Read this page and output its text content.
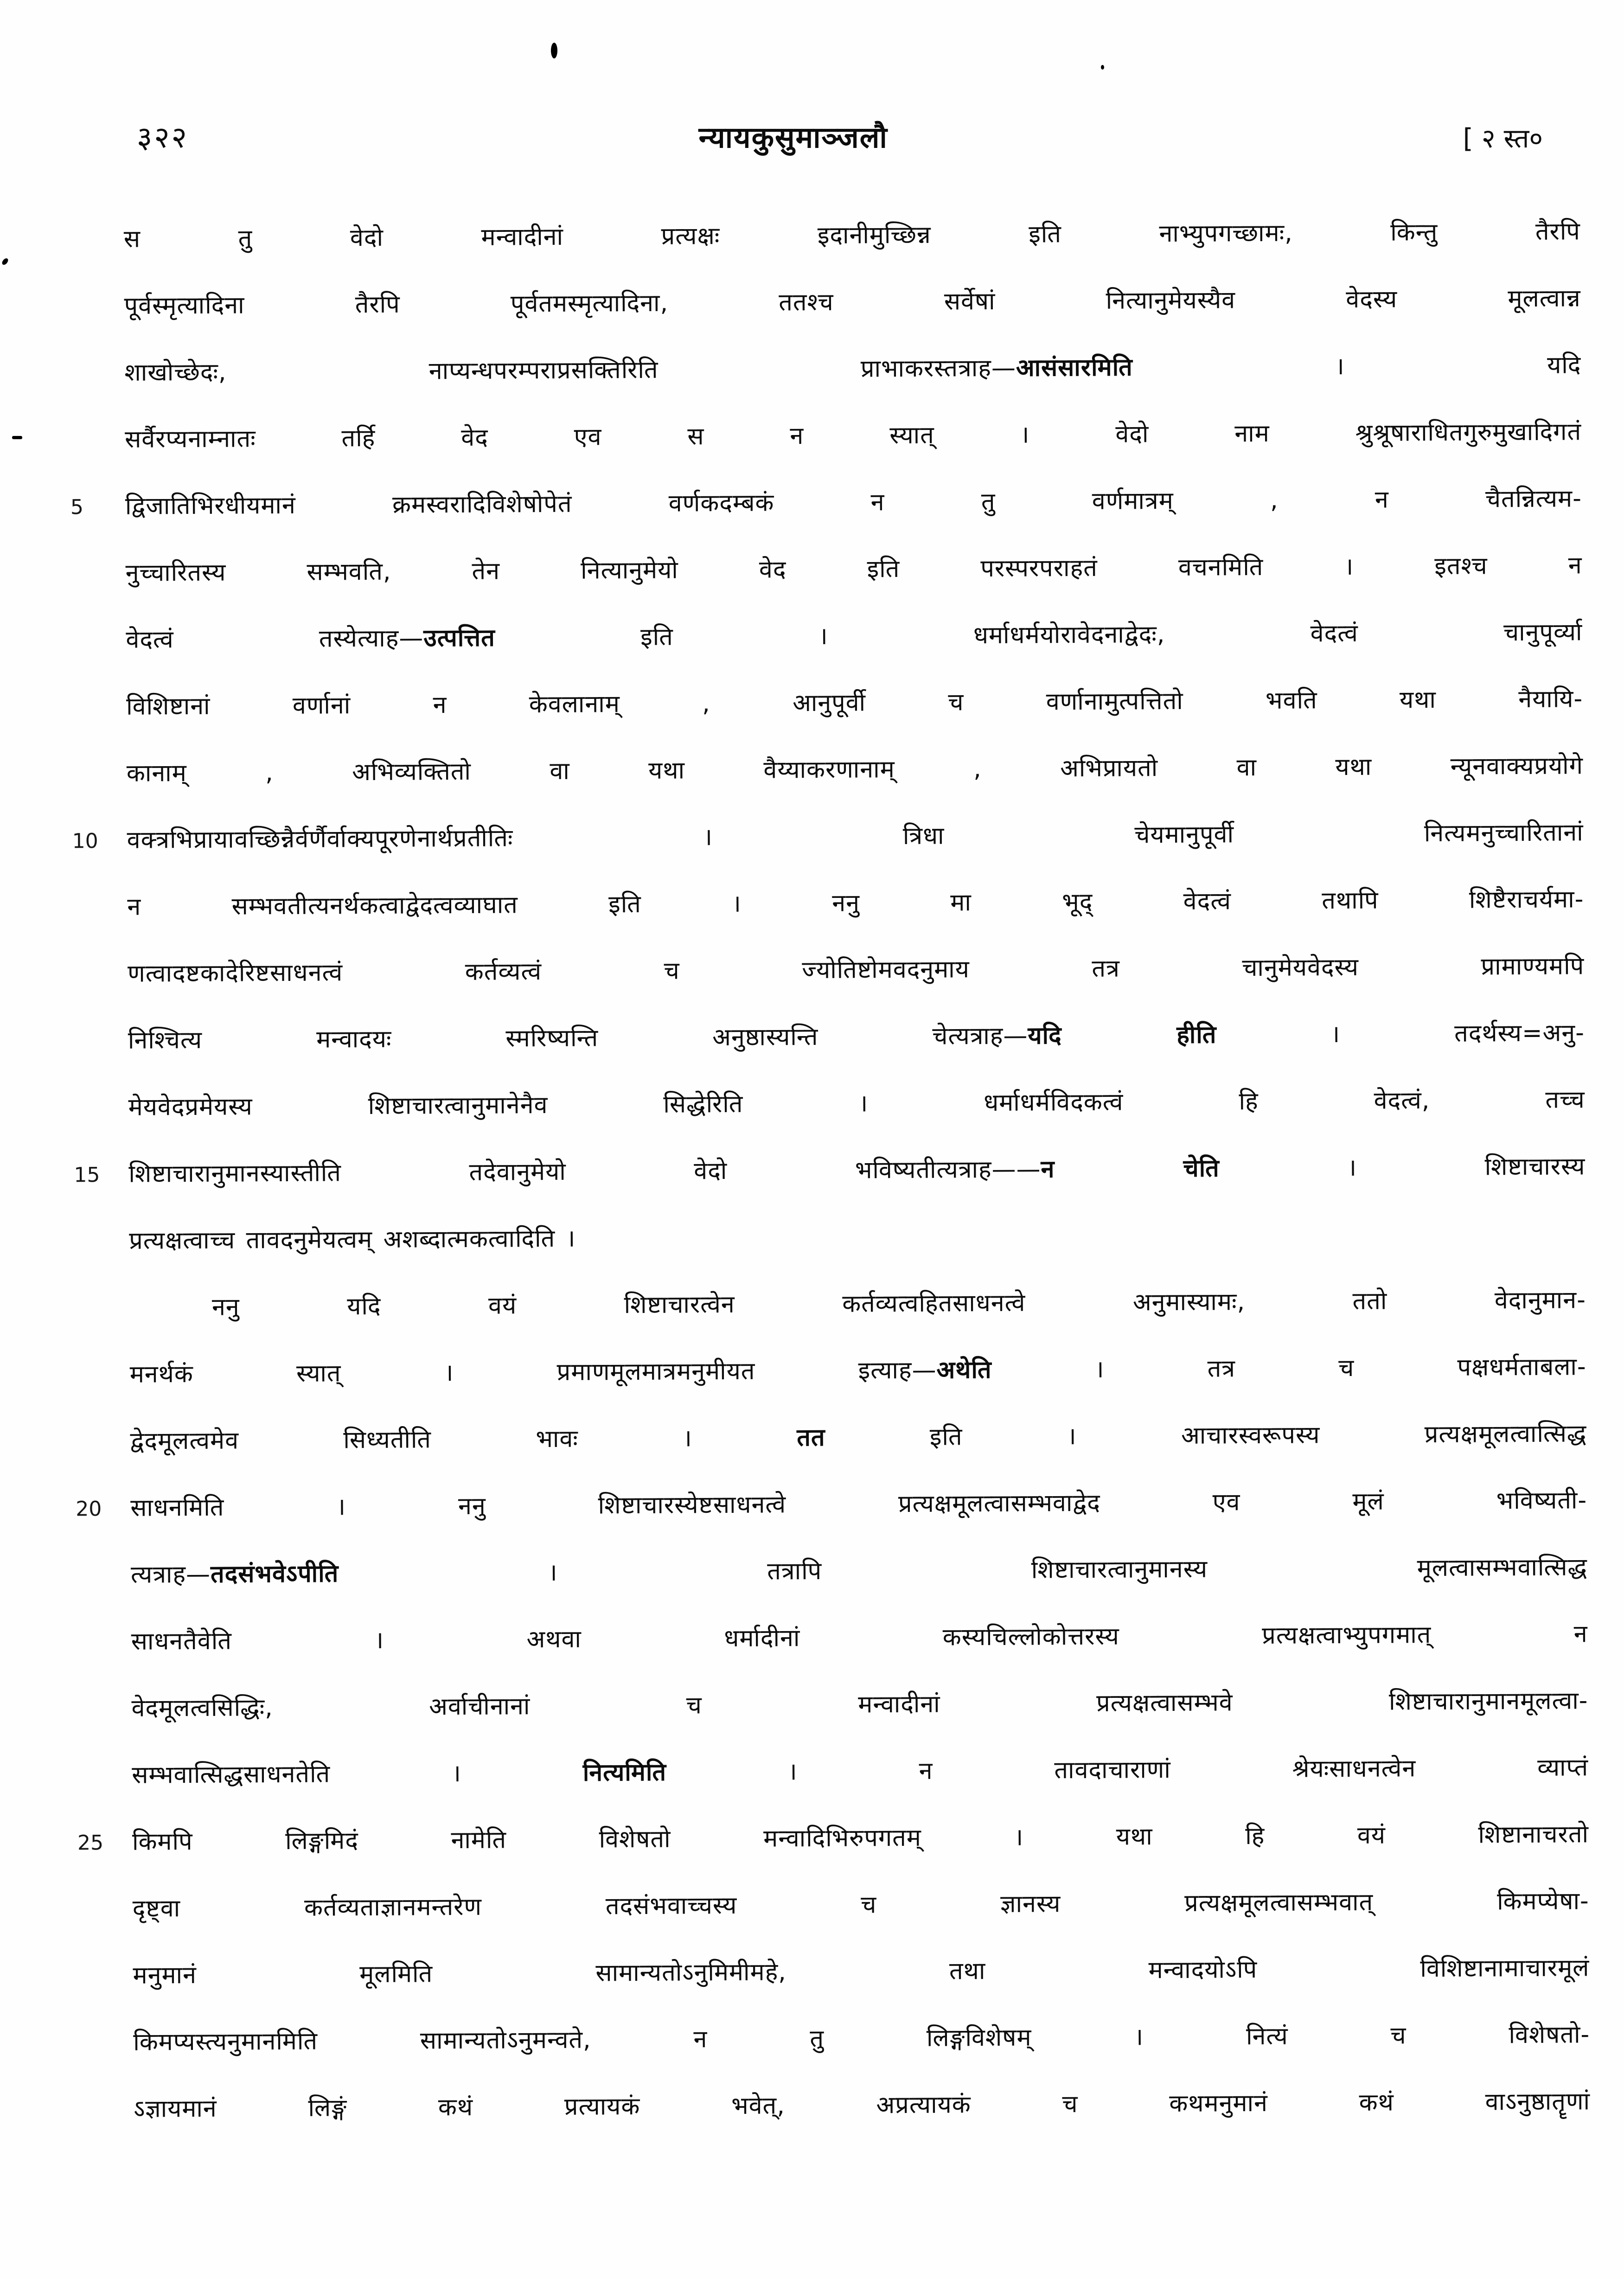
३२२	न्यायकुसुमाञ्जलौ	[ २ स्त०
स तु वेदो मन्वादीनां प्रत्यक्षः इदानीमुच्छिन्न इति नाभ्युपगच्छामः, किन्तु तैरपि
पूर्वस्मृत्यादिना तैरपि पूर्वतमस्मृत्यादिना, ततश्च सर्वेषां नित्यानुमेयस्यैव वेदस्य मूलत्वान्न
शाखोच्छेदः, नाप्यन्धपरम्पराप्रसक्तिरिति प्राभाकरस्तत्राह—आसंसारमिति । यदि
सर्वैरप्यनाम्नातः तर्हि वेद एव स न स्यात् । वेदो नाम श्रुश्रूषाराधितगुरुमुखादिगतं
5	द्विजातिभिरधीयमानं क्रमस्वरादिविशेषोपेतं वर्णकदम्बकं न तु वर्णमात्रम् , न चैतन्नित्यम-
नुच्चारितस्य सम्भवति, तेन नित्यानुमेयो वेद इति परस्परपराहतं वचनमिति । इतश्च न
वेदत्वं तस्येत्याह—उत्पत्तित इति । धर्माधर्मयोरावेदनाद्वेदः, वेदत्वं चानुपूर्व्या
विशिष्टानां वर्णानां न केवलानाम् , आनुपूर्वी च वर्णानामुत्पत्तितो भवति यथा नैयायि-
कानाम् , अभिव्यक्तितो वा यथा वैय्याकरणानाम् , अभिप्रायतो वा यथा न्यूनवाक्यप्रयोगे
10	वक्त्रभिप्रायावच्छिन्नैर्वर्णैर्वाक्यपूरणेनार्थप्रतीतिः । त्रिधा चेयमानुपूर्वी नित्यमनुच्चारितानां
न सम्भवतीत्यनर्थकत्वाद्वेदत्वव्याघात इति । ननु मा भूद् वेदत्वं तथापि शिष्टैराचर्यमा-
णत्वादष्टकादेरिष्टसाधनत्वं कर्तव्यत्वं च ज्योतिष्टोमवदनुमाय तत्र चानुमेयवेदस्य प्रामाण्यमपि
निश्चित्य मन्वादयः स्मरिष्यन्ति अनुष्ठास्यन्ति चेत्यत्राह—यदि हीति । तदर्थस्य=अनु-
मेयवेदप्रमेयस्य शिष्टाचारत्वानुमानेनैव सिद्धेरिति । धर्माधर्मविदकत्वं हि वेदत्वं, तच्च
15	शिष्टाचारानुमानस्यास्तीति तदेवानुमेयो वेदो भविष्यतीत्यत्राह——न चेति । शिष्टाचारस्य
प्रत्यक्षत्वाच्च तावदनुमेयत्वम् अशब्दात्मकत्वादिति ।
ननु यदि वयं शिष्टाचारत्वेन कर्तव्यत्वहितसाधनत्वे अनुमास्यामः, ततो वेदानुमान-
मनर्थकं स्यात् । प्रमाणमूलमात्रमनुमीयत इत्याह—अथेति । तत्र च पक्षधर्मताबला-
द्वेदमूलत्वमेव सिध्यतीति भावः । तत इति । आचारस्वरूपस्य प्रत्यक्षमूलत्वात्सिद्ध
20	साधनमिति । ननु शिष्टाचारस्येष्टसाधनत्वे प्रत्यक्षमूलत्वासम्भवाद्वेद एव मूलं भविष्यती-
त्यत्राह—तदसंभवेऽपीति । तत्रापि शिष्टाचारत्वानुमानस्य मूलत्वासम्भवात्सिद्ध
साधनतैवेति । अथवा धर्मादीनां कस्यचिल्लोकोत्तरस्य प्रत्यक्षत्वाभ्युपगमात् न
वेदमूलत्वसिद्धिः, अर्वाचीनानां च मन्वादीनां प्रत्यक्षत्वासम्भवे शिष्टाचारानुमानमूलत्वा-
सम्भवात्सिद्धसाधनतेति । नित्यमिति । न तावदाचाराणां श्रेयःसाधनत्वेन व्याप्तं
25	किमपि लिङ्गमिदं नामेति विशेषतो मन्वादिभिरुपगतम् । यथा हि वयं शिष्टानाचरतो
दृष्ट्वा कर्तव्यताज्ञानमन्तरेण तदसंभवाच्चस्य च ज्ञानस्य प्रत्यक्षमूलत्वासम्भवात् किमप्येषा-
मनुमानं मूलमिति सामान्यतोऽनुमिमीमहे, तथा मन्वादयोऽपि विशिष्टानामाचारमूलं
किमप्यस्त्यनुमानमिति सामान्यतोऽनुमन्वते, न तु लिङ्गविशेषम् । नित्यं च विशेषतो-
ऽज्ञायमानं लिङ्गं कथं प्रत्यायकं भवेत्, अप्रत्यायकं च कथमनुमानं कथं वाऽनुष्ठातॄणां
